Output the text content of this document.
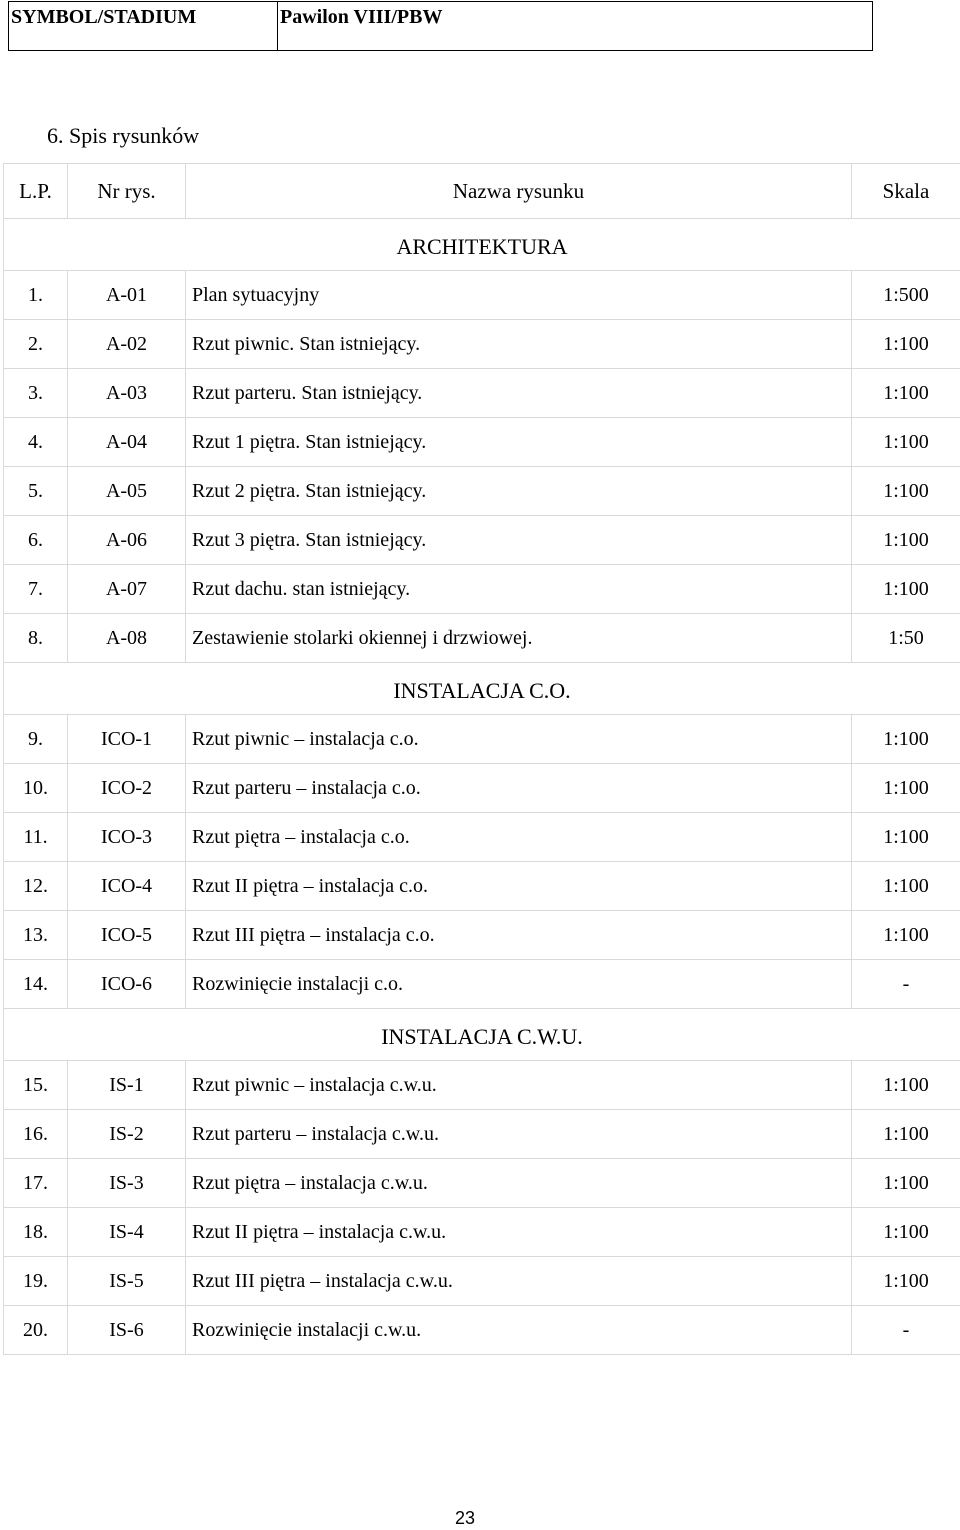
SYMBOL/STADIUM	Pawilon VIII/PBW
6. Spis rysunków
L.P.	Nr rys.	Nazwa rysunku	Skala
ARCHITEKTURA			
1.	A-01	Plan sytuacyjny	1:500
2.	A-02	Rzut piwnic. Stan istniejący.	1:100
3.	A-03	Rzut parteru. Stan istniejący.	1:100
4.	A-04	Rzut 1 piętra. Stan istniejący.	1:100
5.	A-05	Rzut 2 piętra. Stan istniejący.	1:100
6.	A-06	Rzut 3 piętra. Stan istniejący.	1:100
7.	A-07	Rzut dachu. stan istniejący.	1:100
8.	A-08	Zestawienie stolarki okiennej i drzwiowej.	1:50
INSTALACJA C.O.			
9.	ICO-1	Rzut piwnic – instalacja c.o.	1:100
10.	ICO-2	Rzut parteru – instalacja c.o.	1:100
11.	ICO-3	Rzut piętra – instalacja c.o.	1:100
12.	ICO-4	Rzut II piętra – instalacja c.o.	1:100
13.	ICO-5	Rzut III piętra – instalacja c.o.	1:100
14.	ICO-6	Rozwinięcie instalacji c.o.	-
INSTALACJA C.W.U.			
15.	IS-1	Rzut piwnic – instalacja c.w.u.	1:100
16.	IS-2	Rzut parteru – instalacja c.w.u.	1:100
17.	IS-3	Rzut piętra – instalacja c.w.u.	1:100
18.	IS-4	Rzut II piętra – instalacja c.w.u.	1:100
19.	IS-5	Rzut III piętra – instalacja c.w.u.	1:100
20.	IS-6	Rozwinięcie instalacji c.w.u.	-
23
